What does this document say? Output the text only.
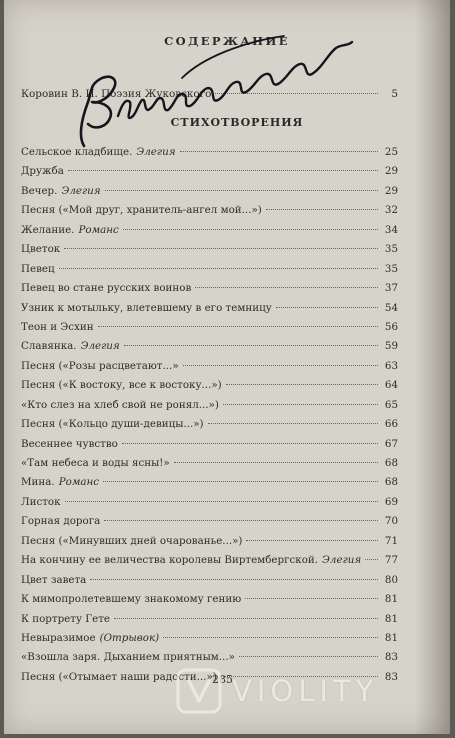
СОДЕРЖАНИЕ
Коровин В. И. Поэзия Жуковского	5
СТИХОТВОРЕНИЯ
Сельское кладбище. Элегия	25
Дружба	29
Вечер. Элегия	29
Песня («Мой друг, хранитель-ангел мой...»)	32
Желание. Романс	34
Цветок	35
Певец	35
Певец во стане русских воинов	37
Узник к мотыльку, влетевшему в его темницу	54
Теон и Эсхин	56
Славянка. Элегия	59
Песня («Розы расцветают...»	63
Песня («К востоку, все к востоку...»)	64
«Кто слез на хлеб свой не ронял...»)	65
Песня («Кольцо души-девицы...»)	66
Весеннее чувство	67
«Там небеса и воды ясны!»	68
Мина. Романс	68
Листок	69
Горная дорога	70
Песня («Минувших дней очарованье...»)	71
На кончину ее величества королевы Виртембергской. Элегия 77
Цвет завета	80
К мимопролетевшему знакомому гению	81
К портрету Гете	81
Невыразимое (Отрывок)	81
«Взошла заря. Дыханием приятным...»	83
Песня («Отымает наши радости...»)	83
285 VIOLITY
